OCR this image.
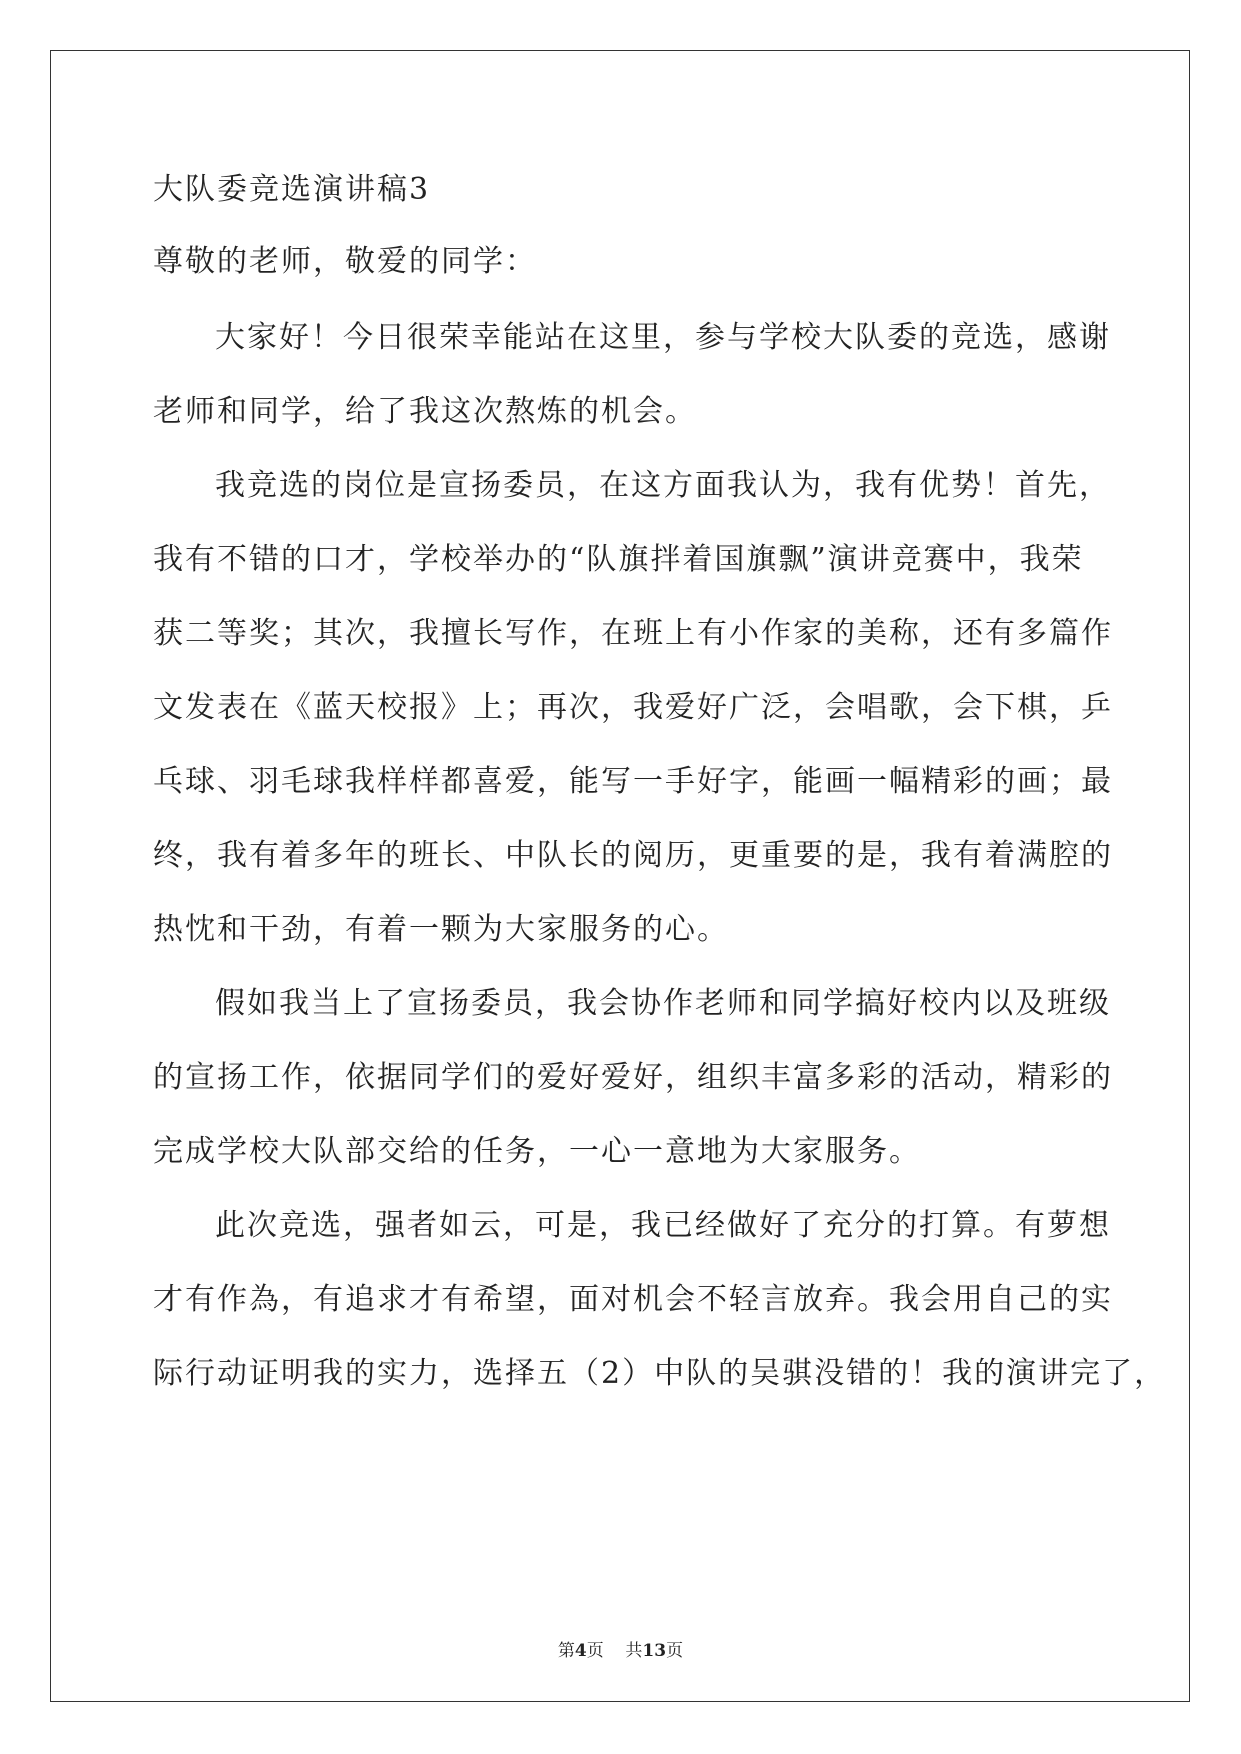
大队委竞选演讲稿3
尊敬的老师，敬爱的同学：
大家好！今日很荣幸能站在这里，参与学校大队委的竞选，感谢
老师和同学，给了我这次熬炼的机会。
我竞选的岗位是宣扬委员，在这方面我认为，我有优势！首先，
我有不错的口才，学校举办的“队旗拌着国旗飘”演讲竞赛中，我荣
获二等奖；其次，我擅长写作，在班上有小作家的美称，还有多篇作
文发表在《蓝天校报》上；再次，我爱好广泛，会唱歌，会下棋，乒
乓球、羽毛球我样样都喜爱，能写一手好字，能画一幅精彩的画；最
终，我有着多年的班长、中队长的阅历，更重要的是，我有着满腔的
热忱和干劲，有着一颗为大家服务的心。
假如我当上了宣扬委员，我会协作老师和同学搞好校内以及班级
的宣扬工作，依据同学们的爱好爱好，组织丰富多彩的活动，精彩的
完成学校大队部交给的任务，一心一意地为大家服务。
此次竞选，强者如云，可是，我已经做好了充分的打算。有萝想
才有作為，有追求才有希望，面对机会不轻言放弃。我会用自己的实
际行动证明我的实力，选择五（2）中队的吴骐没错的！我的演讲完了，
第4页 共13页
